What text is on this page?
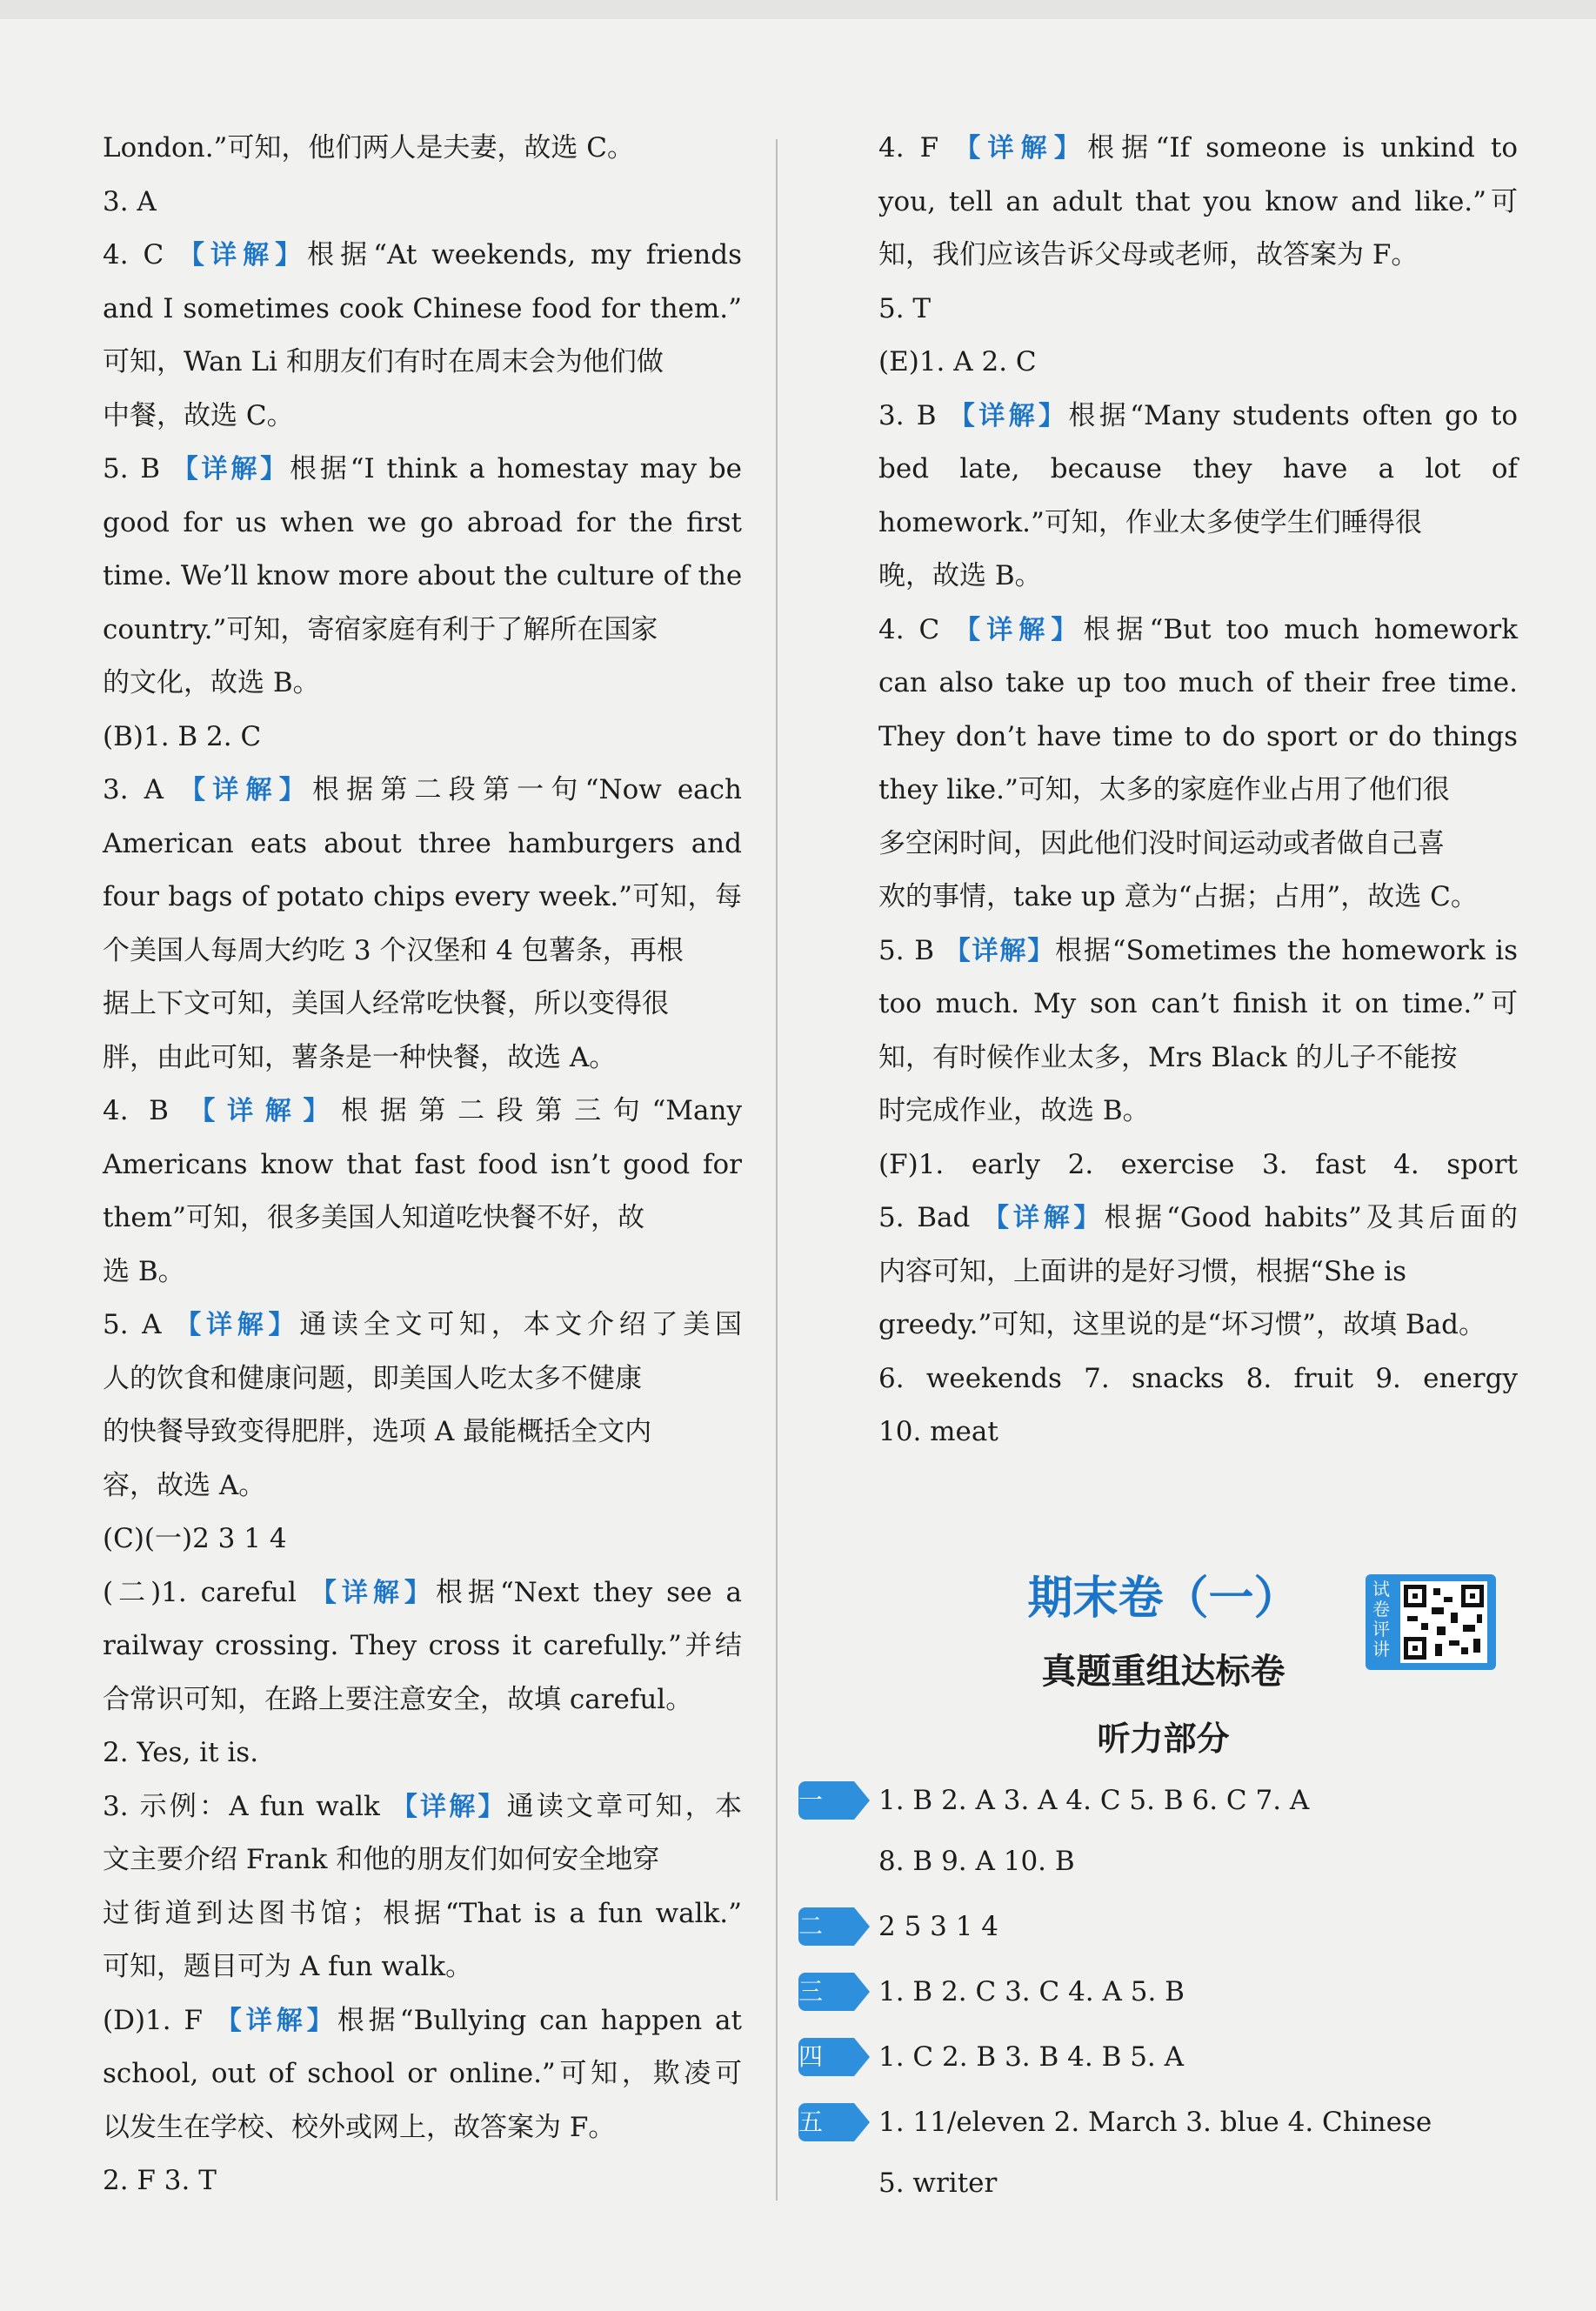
London.”可知，他们两人是夫妻，故选 C。
3. A
4. C 【详解】根据“At weekends, my friends
and I sometimes cook Chinese food for them.”
可知，Wan Li 和朋友们有时在周末会为他们做
中餐，故选 C。
5. B 【详解】根据“I think a homestay may be
good for us when we go abroad for the first
time. We’ll know more about the culture of the
country.”可知，寄宿家庭有利于了解所在国家
的文化，故选 B。
(B)1. B 2. C
3. A 【详解】根据第二段第一句“Now each
American eats about three hamburgers and
four bags of potato chips every week.”可知，每
个美国人每周大约吃 3 个汉堡和 4 包薯条，再根
据上下文可知，美国人经常吃快餐，所以变得很
胖，由此可知，薯条是一种快餐，故选 A。
4. B 【详解】根据第二段第三句“Many
Americans know that fast food isn’t good for
them”可知，很多美国人知道吃快餐不好，故
选 B。
5. A 【详解】通读全文可知，本文介绍了美国
人的饮食和健康问题，即美国人吃太多不健康
的快餐导致变得肥胖，选项 A 最能概括全文内
容，故选 A。
(C)(一)2 3 1 4
(二)1. careful 【详解】根据“Next they see a
railway crossing. They cross it carefully.”并结
合常识可知，在路上要注意安全，故填 careful。
2. Yes, it is.
3. 示例：A fun walk 【详解】通读文章可知，本
文主要介绍 Frank 和他的朋友们如何安全地穿
过街道到达图书馆；根据“That is a fun walk.”
可知，题目可为 A fun walk。
(D)1. F 【详解】根据“Bullying can happen at
school, out of school or online.”可知，欺凌可
以发生在学校、校外或网上，故答案为 F。
2. F 3. T
期末卷（一）	试卷评讲
真题重组达标卷
听力部分
4. F 【详解】根据“If someone is unkind to
you, tell an adult that you know and like.”可
知，我们应该告诉父母或老师，故答案为 F。
5. T
(E)1. A 2. C
3. B 【详解】根据“Many students often go to
bed late, because they have a lot of
homework.”可知，作业太多使学生们睡得很
晚，故选 B。
4. C 【详解】根据“But too much homework
can also take up too much of their free time.
They don’t have time to do sport or do things
they like.”可知，太多的家庭作业占用了他们很
多空闲时间，因此他们没时间运动或者做自己喜
欢的事情，take up 意为“占据；占用”，故选 C。
5. B 【详解】根据“Sometimes the homework is
too much. My son can’t finish it on time.”可
知，有时候作业太多，Mrs Black 的儿子不能按
时完成作业，故选 B。
(F)1. early 2. exercise 3. fast 4. sport
5. Bad 【详解】根据“Good habits”及其后面的
内容可知，上面讲的是好习惯，根据“She is
greedy.”可知，这里说的是“坏习惯”，故填 Bad。
6. weekends 7. snacks 8. fruit 9. energy
10. meat
1. B 2. A 3. A 4. C 5. B 6. C 7. A
一
8. B 9. A 10. B
2 5 3 1 4
二
1. B 2. C 3. C 4. A 5. B
三
1. C 2. B 3. B 4. B 5. A
四
1. 11/eleven 2. March 3. blue 4. Chinese
五
5. writer
